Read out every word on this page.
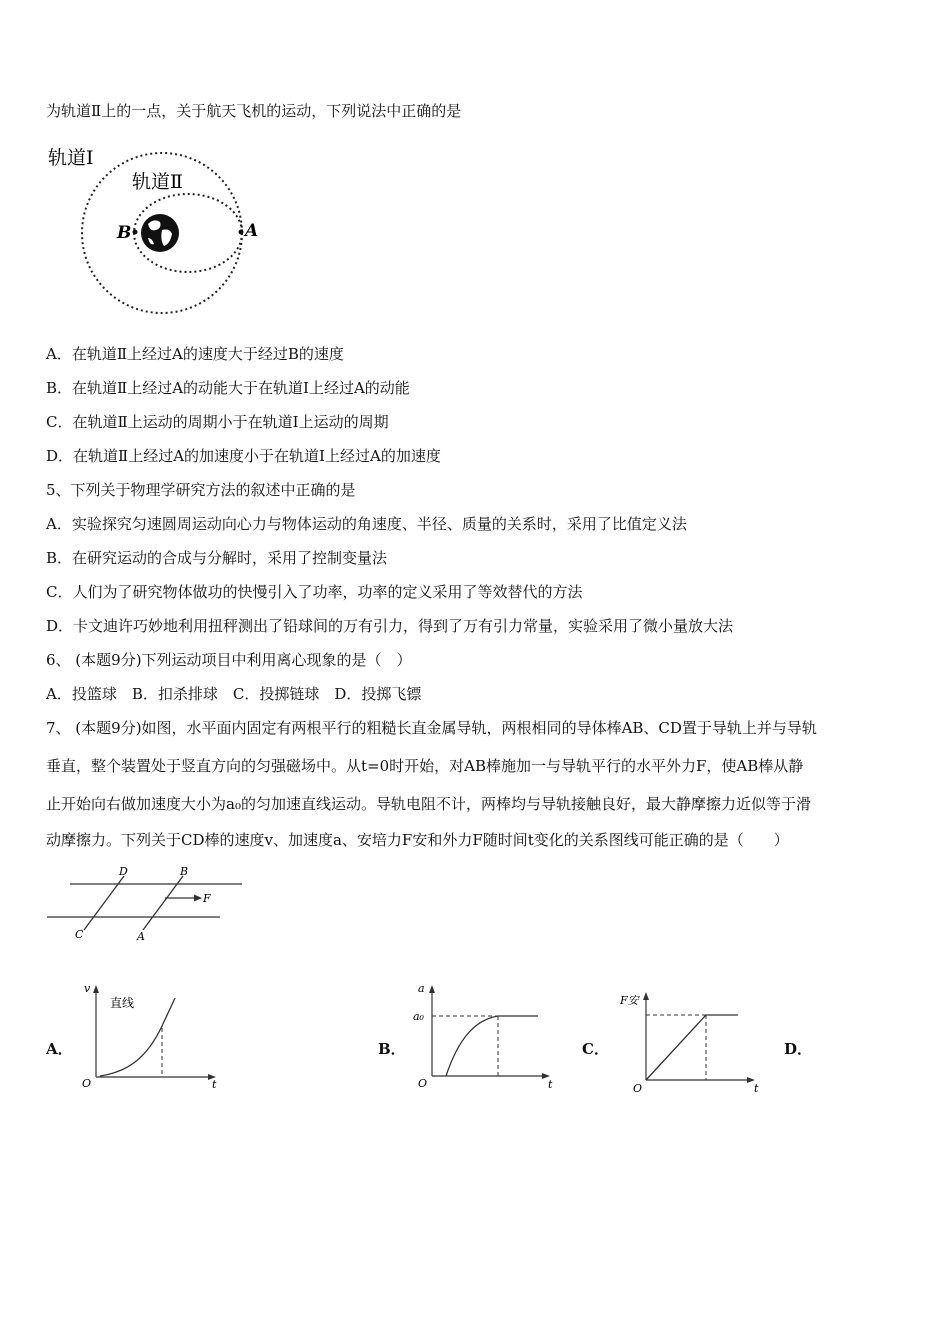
为轨道Ⅱ上的一点，关于航天飞机的运动，下列说法中正确的是
轨道Ⅰ
轨道Ⅱ
B	A
A．在轨道Ⅱ上经过A的速度大于经过B的速度
B．在轨道Ⅱ上经过A的动能大于在轨道Ⅰ上经过A的动能
C．在轨道Ⅱ上运动的周期小于在轨道Ⅰ上运动的周期
D．在轨道Ⅱ上经过A的加速度小于在轨道Ⅰ上经过A的加速度
5、下列关于物理学研究方法的叙述中正确的是
A．实验探究匀速圆周运动向心力与物体运动的角速度、半径、质量的关系时，采用了比值定义法
B．在研究运动的合成与分解时，采用了控制变量法
C．人们为了研究物体做功的快慢引入了功率，功率的定义采用了等效替代的方法
D．卡文迪许巧妙地利用扭秤测出了铅球间的万有引力，得到了万有引力常量，实验采用了微小量放大法
6、 (本题9分)下列运动项目中利用离心现象的是（　）
A．投篮球　B．扣杀排球　C．投掷链球　D．投掷飞镖
7、 (本题9分)如图，水平面内固定有两根平行的粗糙长直金属导轨，两根相同的导体棒AB、CD置于导轨上并与导轨
垂直，整个装置处于竖直方向的匀强磁场中。从t=0时开始，对AB棒施加一与导轨平行的水平外力F，使AB棒从静
止开始向右做加速度大小为a₀的匀加速直线运动。导轨电阻不计，两棒均与导轨接触良好，最大静摩擦力近似等于滑
动摩擦力。下列关于CD棒的速度v、加速度a、安培力F安和外力F随时间t变化的关系图线可能正确的是（　　）
D	B
F
C	A
A．	B．	C．	D．
v
t
O
直线
a
a₀
t
O
F安
t
O
